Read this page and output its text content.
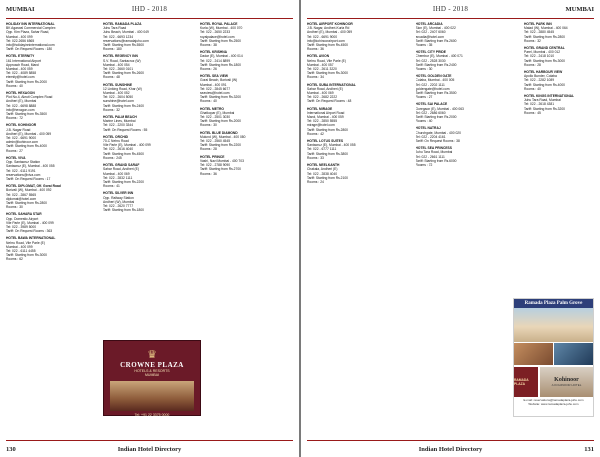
MUMBAI	IHD - 2018
HOLIDAY INN INTERNATIONAL
BK Agarwal Commercial Complex
Opp. Kim Plaza, Sahar Road,
Mumbai - 400 099
Tel: 022-2656 6565
info@holidayinninternational.com
Tariff: On Request Rooms : 180
HOTEL ETERNITY
161 International Airport
Approach Road, Marol
Mumbai - 400 059
Tel: 022 - 4089 5858
eternity@hotel.com
Tariff: Starting from Rs.2000
Rooms : 40
HOTEL HEXAGON
Plot No.4, Akruti Complex Road
Andheri (E), Mumbai
Tel: 022 - 6698 8888
info@hexagon.com
Tariff: Starting from Rs.3500
Rooms : 72
HOTEL KOHINOOR
J.B. Nagar Road
Andheri (E), Mumbai - 400 059
Tel: 022 - 6691 9000
admin@kohinoor.com
Tariff: Starting from Rs.4000
Rooms : 27
HOTEL VIVA
Opp. Santacruz Station
Santacruz (E), Mumbai - 400 055
Tel: 022 - 6111 9191
reservations@viva.com
Tariff: On Request Rooms : 17
HOTEL DIPLOMAT, Off. Gorai Road
Borivali (W), Mumbai - 400 092
Tel: 022 - 2867 5565
diplomat@hotel.com
Tariff: Starting from Rs.2800
Rooms : 30
HOTEL SAHARA STAR
Opp. Domestic Airport
Vile Parle (E), Mumbai - 400 099
Tel: 022 - 3989 5000
Tariff: On Request Rooms : 363
HOTEL BAWA INTERNATIONAL
Nehru Road, Vile Parle (E)
Mumbai - 400 099
Tel: 022 - 6111 4455
Tariff: Starting from Rs.3000
Rooms : 62
HOTEL RAMADA PLAZA
Juhu Tara Road
Juhu Beach, Mumbai - 400 049
Tel: 022 - 6693 1234
reservations@ramadajuhu.com
Tariff: Starting from Rs.5500
Rooms : 180
HOTEL REGENCY INN
S.V. Road, Santacruz (W)
Mumbai - 400 054
Tel: 022 - 2660 0101
Tariff: Starting from Rs.2600
Rooms : 48
HOTEL SUNSHINE
12 Linking Road, Khar (W)
Mumbai - 400 052
Tel: 022 - 2604 5050
sunshine@hotel.com
Tariff: Starting from Rs.2400
Rooms : 32
HOTEL PALM BEACH
Marine Lines, Mumbai
Tel: 022 - 2200 3344
Tariff: On Request Rooms : 55
HOTEL ORCHID
70-C Nehru Road
Vile Parle (E), Mumbai - 400 099
Tel: 022 - 2616 4040
Tariff: Starting from Rs.4500
Rooms : 245
HOTEL GRAND SARAF
Sahar Road, Andheri (E)
Mumbai - 400 069
Tel: 022 - 2832 1111
Tariff: Starting from Rs.2200
Rooms : 41
HOTEL SILVER INN
Opp. Railway Station
Andheri (W), Mumbai
Tel: 022 - 2620 7777
Tariff: Starting from Rs.1800
HOTEL ROYAL PALACE
Kurla (W), Mumbai - 400 070
Tel: 022 - 2650 2233
royalpalace@hotel.com
Tariff: Starting from Rs.2500
Rooms : 38
HOTEL KRISHNA
Dadar (E), Mumbai - 400 014
Tel: 022 - 2414 8899
Tariff: Starting from Rs.1800
Rooms : 26
HOTEL SEA VIEW
Gorai Beach, Borivali (W)
Mumbai - 400 091
Tel: 022 - 2845 6677
seaview@hotel.com
Tariff: Starting from Rs.3200
Rooms : 40
HOTEL METRO
Ghatkopar (E), Mumbai
Tel: 022 - 2501 3030
Tariff: Starting from Rs.2000
Rooms : 30
HOTEL BLUE DIAMOND
Mulund (W), Mumbai - 400 080
Tel: 022 - 2560 4545
Tariff: Starting from Rs.2200
Rooms : 28
HOTEL PRINCE
Vashi, Navi Mumbai - 400 703
Tel: 022 - 2788 9090
Tariff: Starting from Rs.2700
Rooms : 36
♛
CROWNE PLAZA
HOTELS & RESORTS
MUMBAI
Tel: +91 22 3375 0000
130	Indian Hotel Directory
IHD - 2018	MUMBAI
HOTEL AIRPORT KOHINOOR
J.B. Nagar, Andheri-Kurla Rd
Andheri (E), Mumbai - 400 059
Tel: 022 - 6691 9000
info@kohinoorairport.com
Tariff: Starting from Rs.4500
Rooms : 36
HOTEL AVION
Nehru Road, Vile Parle (E)
Mumbai - 400 057
Tel: 022 - 2611 3220
Tariff: Starting from Rs.3000
Rooms : 34
HOTEL SUBA INTERNATIONAL
Sahar Road, Andheri (E)
Mumbai - 400 069
Tel: 022 - 2682 2222
Tariff: On Request Rooms : 48
HOTEL MIRAGE
International Airport Road
Marol, Mumbai - 400 059
Tel: 022 - 2850 5555
mirage@hotel.com
Tariff: Starting from Rs.2800
Rooms : 42
HOTEL LOTUS SUITES
Santacruz (E), Mumbai - 400 055
Tel: 022 - 6777 1111
Tariff: Starting from Rs.3800
Rooms : 33
HOTEL NEELKANTH
Chakala, Andheri (E)
Tel: 022 - 2838 4040
Tariff: Starting from Rs.2100
Rooms : 24
HOTEL ARCADIA
Sion (E), Mumbai - 400 022
Tel: 022 - 2407 6060
arcadia@hotel.com
Tariff: Starting from Rs.2600
Rooms : 35
HOTEL CITY PRIDE
Chembur (E), Mumbai - 400 071
Tel: 022 - 2528 3030
Tariff: Starting from Rs.2400
Rooms : 30
HOTEL GOLDEN GATE
Colaba, Mumbai - 400 005
Tel: 022 - 2202 1111
goldengate@hotel.com
Tariff: Starting from Rs.3500
Rooms : 27
HOTEL SAI PALACE
Goregaon (E), Mumbai - 400 063
Tel: 022 - 2686 6060
Tariff: Starting from Rs.2000
Rooms : 40
HOTEL NATRAJ
Churchgate, Mumbai - 400 020
Tel: 022 - 2204 4161
Tariff: On Request Rooms : 38
HOTEL SEA PRINCESS
Juhu Tara Road, Mumbai
Tel: 022 - 2661 1111
Tariff: Starting from Rs.6000
Rooms : 72
HOTEL PARK INN
Malad (W), Mumbai - 400 064
Tel: 022 - 2880 4545
Tariff: Starting from Rs.2800
Rooms : 32
HOTEL GRAND CENTRAL
Parel, Mumbai - 400 012
Tel: 022 - 2418 1010
Tariff: Starting from Rs.3000
Rooms : 28
HOTEL HARBOUR VIEW
Apollo Bunder, Colaba
Tel: 022 - 2282 1089
Tariff: Starting from Rs.4000
Rooms : 40
HOTEL KINGS INTERNATIONAL
Juhu Tara Road, Mumbai
Tel: 022 - 2618 4381
Tariff: Starting from Rs.3200
Rooms : 45
Ramada Plaza Palm Grove
RAMADA PLAZA
Kohinoor
A KOHINOOR HOTEL
E-mail: reservations@ramadaplaza-juhu.com
Website: www.ramadaplaza-juhu.com
Indian Hotel Directory	131
